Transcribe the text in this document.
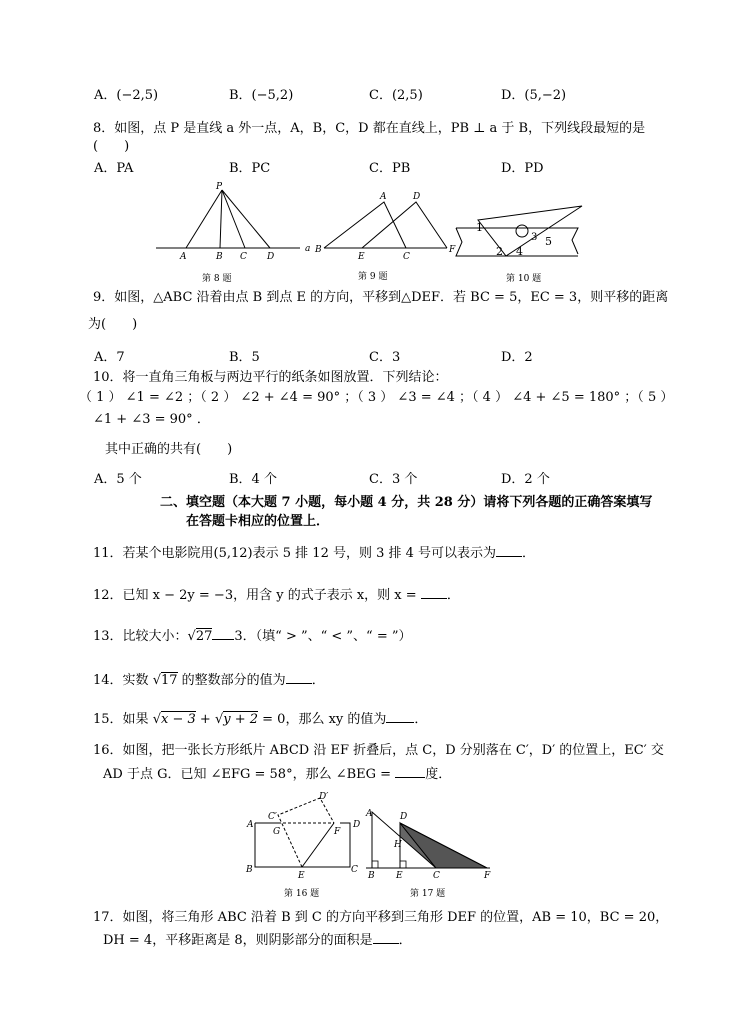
A．(−2,5)	B．(−5,2)	C．(2,5)	D．(5,−2)
8．如图，点 P 是直线 a 外一点，A，B，C，D 都在直线上，PB ⊥ a 于 B，下列线段最短的是
(　　)
A．PA	B．PC	C．PB	D．PD
P
A	B C D
a
第 8 题
A	D
B
E	C
F
第 9 题
1
2
3
4
5
第 10 题
9．如图，△ABC 沿着由点 B 到点 E 的方向，平移到△DEF．若 BC = 5，EC = 3，则平移的距离
为(　　)
A．7	B．5	C．3	D．2
10．将一直角三角板与两边平行的纸条如图放置．下列结论：
（ 1 ） ∠1 = ∠2 ；（ 2 ） ∠2 + ∠4 = 90° ；（ 3 ） ∠3 = ∠4 ；（ 4 ） ∠4 + ∠5 = 180° ；（ 5 ）
∠1 + ∠3 = 90° ．
其中正确的共有(　　)
A．5 个	B．4 个	C．3 个	D．2 个
二、填空题（本大题 7 小题，每小题 4 分，共 28 分）请将下列各题的正确答案填写
在答题卡相应的位置上．
11．若某个电影院用(5,12)表示 5 排 12 号，则 3 排 4 号可以表示为 ．
12．已知 x − 2y = −3，用含 y 的式子表示 x，则 x = ．
13．比较大小：√27 3．（填“ > ”、“ < ”、“ = ”）
14．实数 √17 的整数部分的值为 ．
15．如果 √x − 3 + √y + 2 = 0，那么 xy 的值为 ．
16．如图，把一张长方形纸片 ABCD 沿 EF 折叠后，点 C，D 分别落在 C′，D′ 的位置上，EC′ 交
AD 于点 G．已知 ∠EFG = 58°，那么 ∠BEG =	度．
A	D
C′
D′
G	F
B
E
C
第 16 题
A	D
H
B E	C	F
第 17 题
17．如图，将三角形 ABC 沿着 B 到 C 的方向平移到三角形 DEF 的位置，AB = 10，BC = 20，
DH = 4，平移距离是 8，则阴影部分的面积是 ．
